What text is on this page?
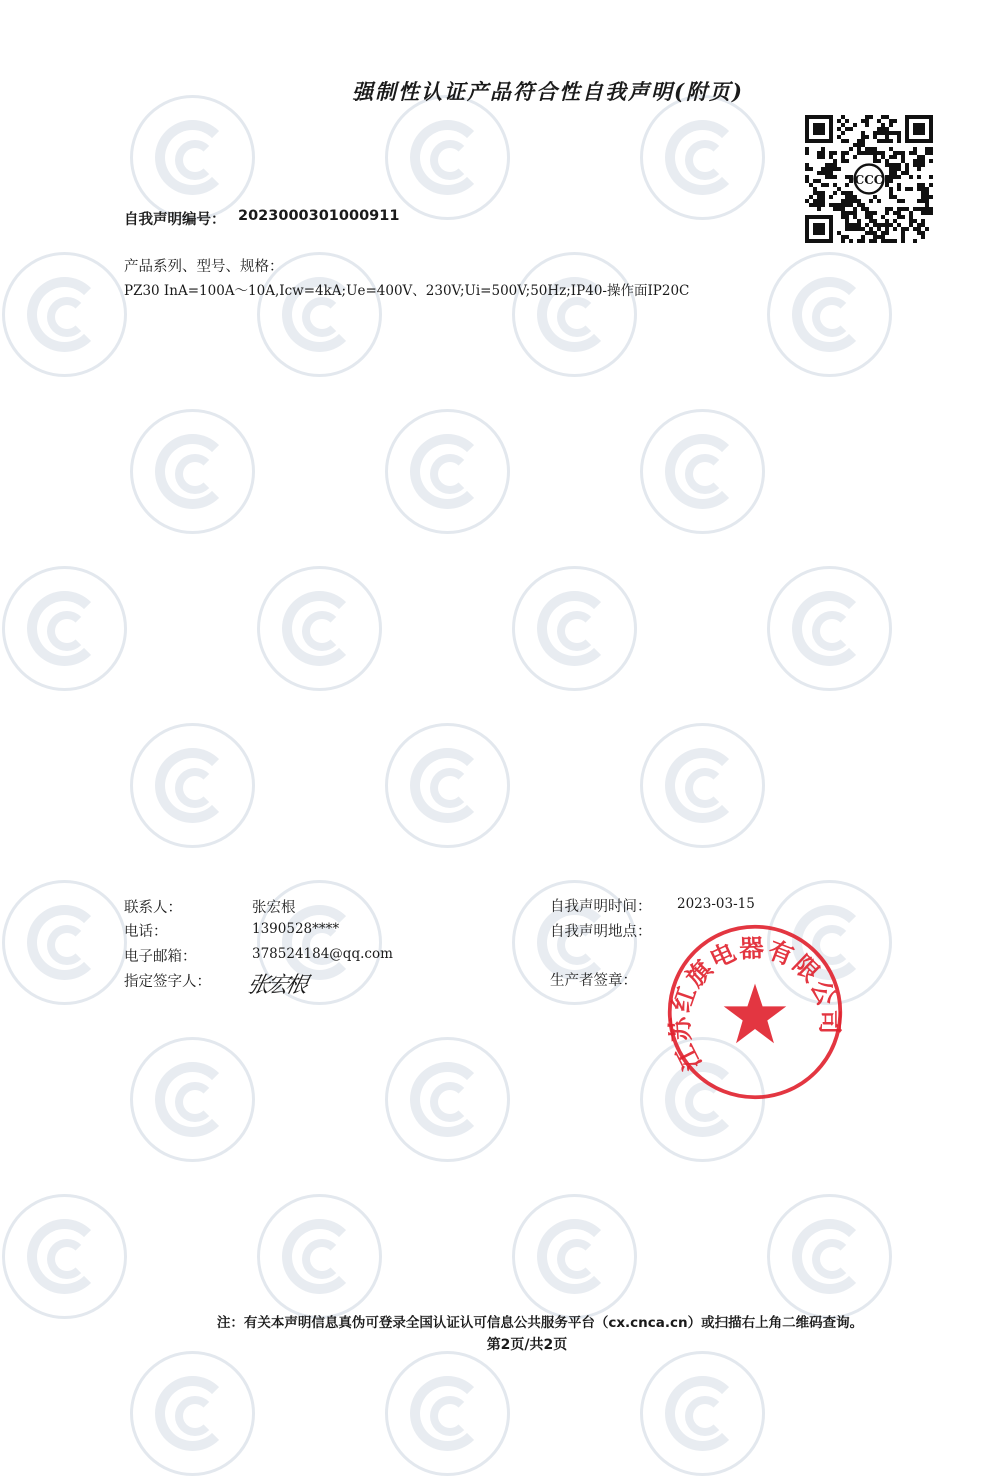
强制性认证产品符合性自我声明(附页)
CCC
自我声明编号： 2023000301000911
产品系列、型号、规格：
PZ30 InA=100A～10A,Icw=4kA;Ue=400V、230V;Ui=500V;50Hz;IP40-操作面IP20C
联系人：	张宏根
电话：	1390528****
电子邮箱：	378524184@qq.com
指定签字人： 张宏根
自我声明时间： 2023-03-15
自我声明地点：
生产者签章：
江苏红旗电器有限公司
注：有关本声明信息真伪可登录全国认证认可信息公共服务平台（cx.cnca.cn）或扫描右上角二维码查询。
第2页/共2页
